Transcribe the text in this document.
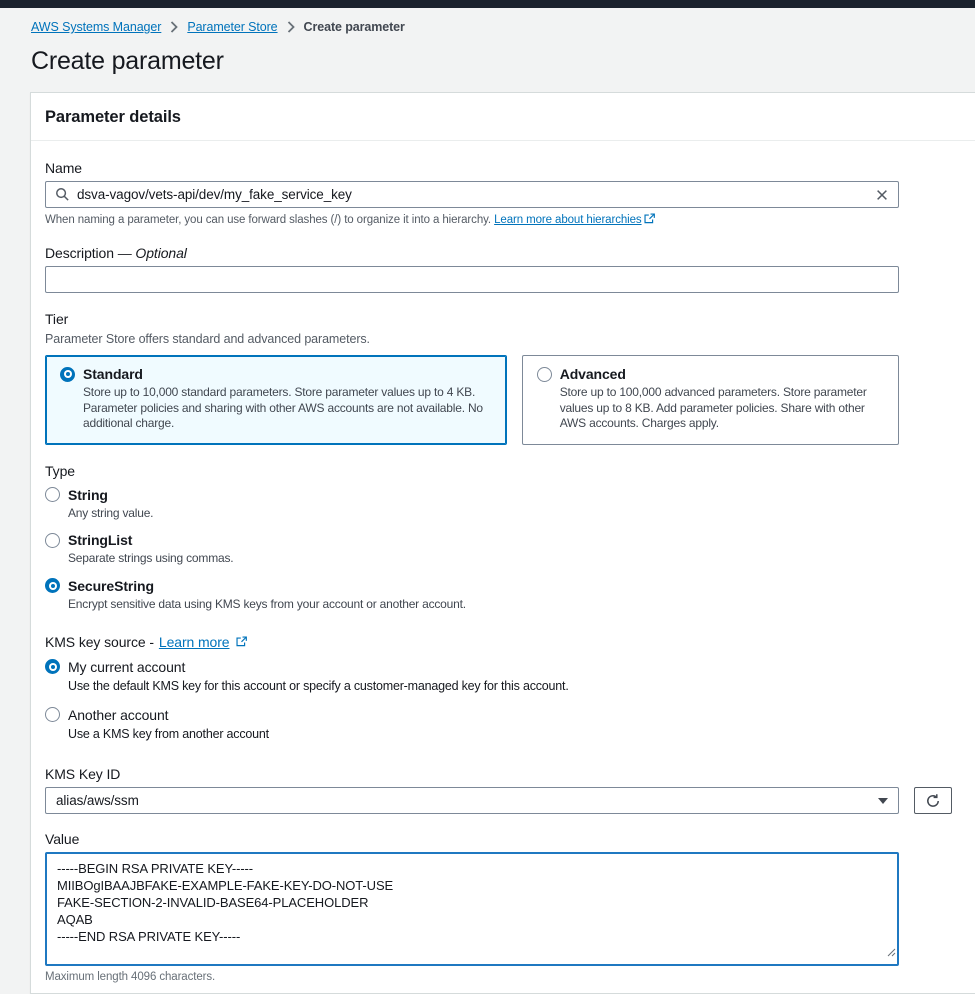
AWS Systems Manager Parameter Store Create parameter
Create parameter
Parameter details
Name
dsva-vagov/vets-api/dev/my_fake_service_key
When naming a parameter, you can use forward slashes (/) to organize it into a hierarchy. Learn more about hierarchies
Description — Optional
Tier
Parameter Store offers standard and advanced parameters.
Standard
Store up to 10,000 standard parameters. Store parameter values up to 4 KB. Parameter policies and sharing with other AWS accounts are not available. No additional charge.
Advanced
Store up to 100,000 advanced parameters. Store parameter values up to 8 KB. Add parameter policies. Share with other AWS accounts. Charges apply.
Type
String
Any string value.
StringList
Separate strings using commas.
SecureString
Encrypt sensitive data using KMS keys from your account or another account.
KMS key source - Learn more
My current account
Use the default KMS key for this account or specify a customer-managed key for this account.
Another account
Use a KMS key from another account
KMS Key ID
alias/aws/ssm
Value
-----BEGIN RSA PRIVATE KEY----- MIIBOgIBAAJBFAKE-EXAMPLE-FAKE-KEY-DO-NOT-USE FAKE-SECTION-2-INVALID-BASE64-PLACEHOLDER AQAB -----END RSA PRIVATE KEY-----
Maximum length 4096 characters.
